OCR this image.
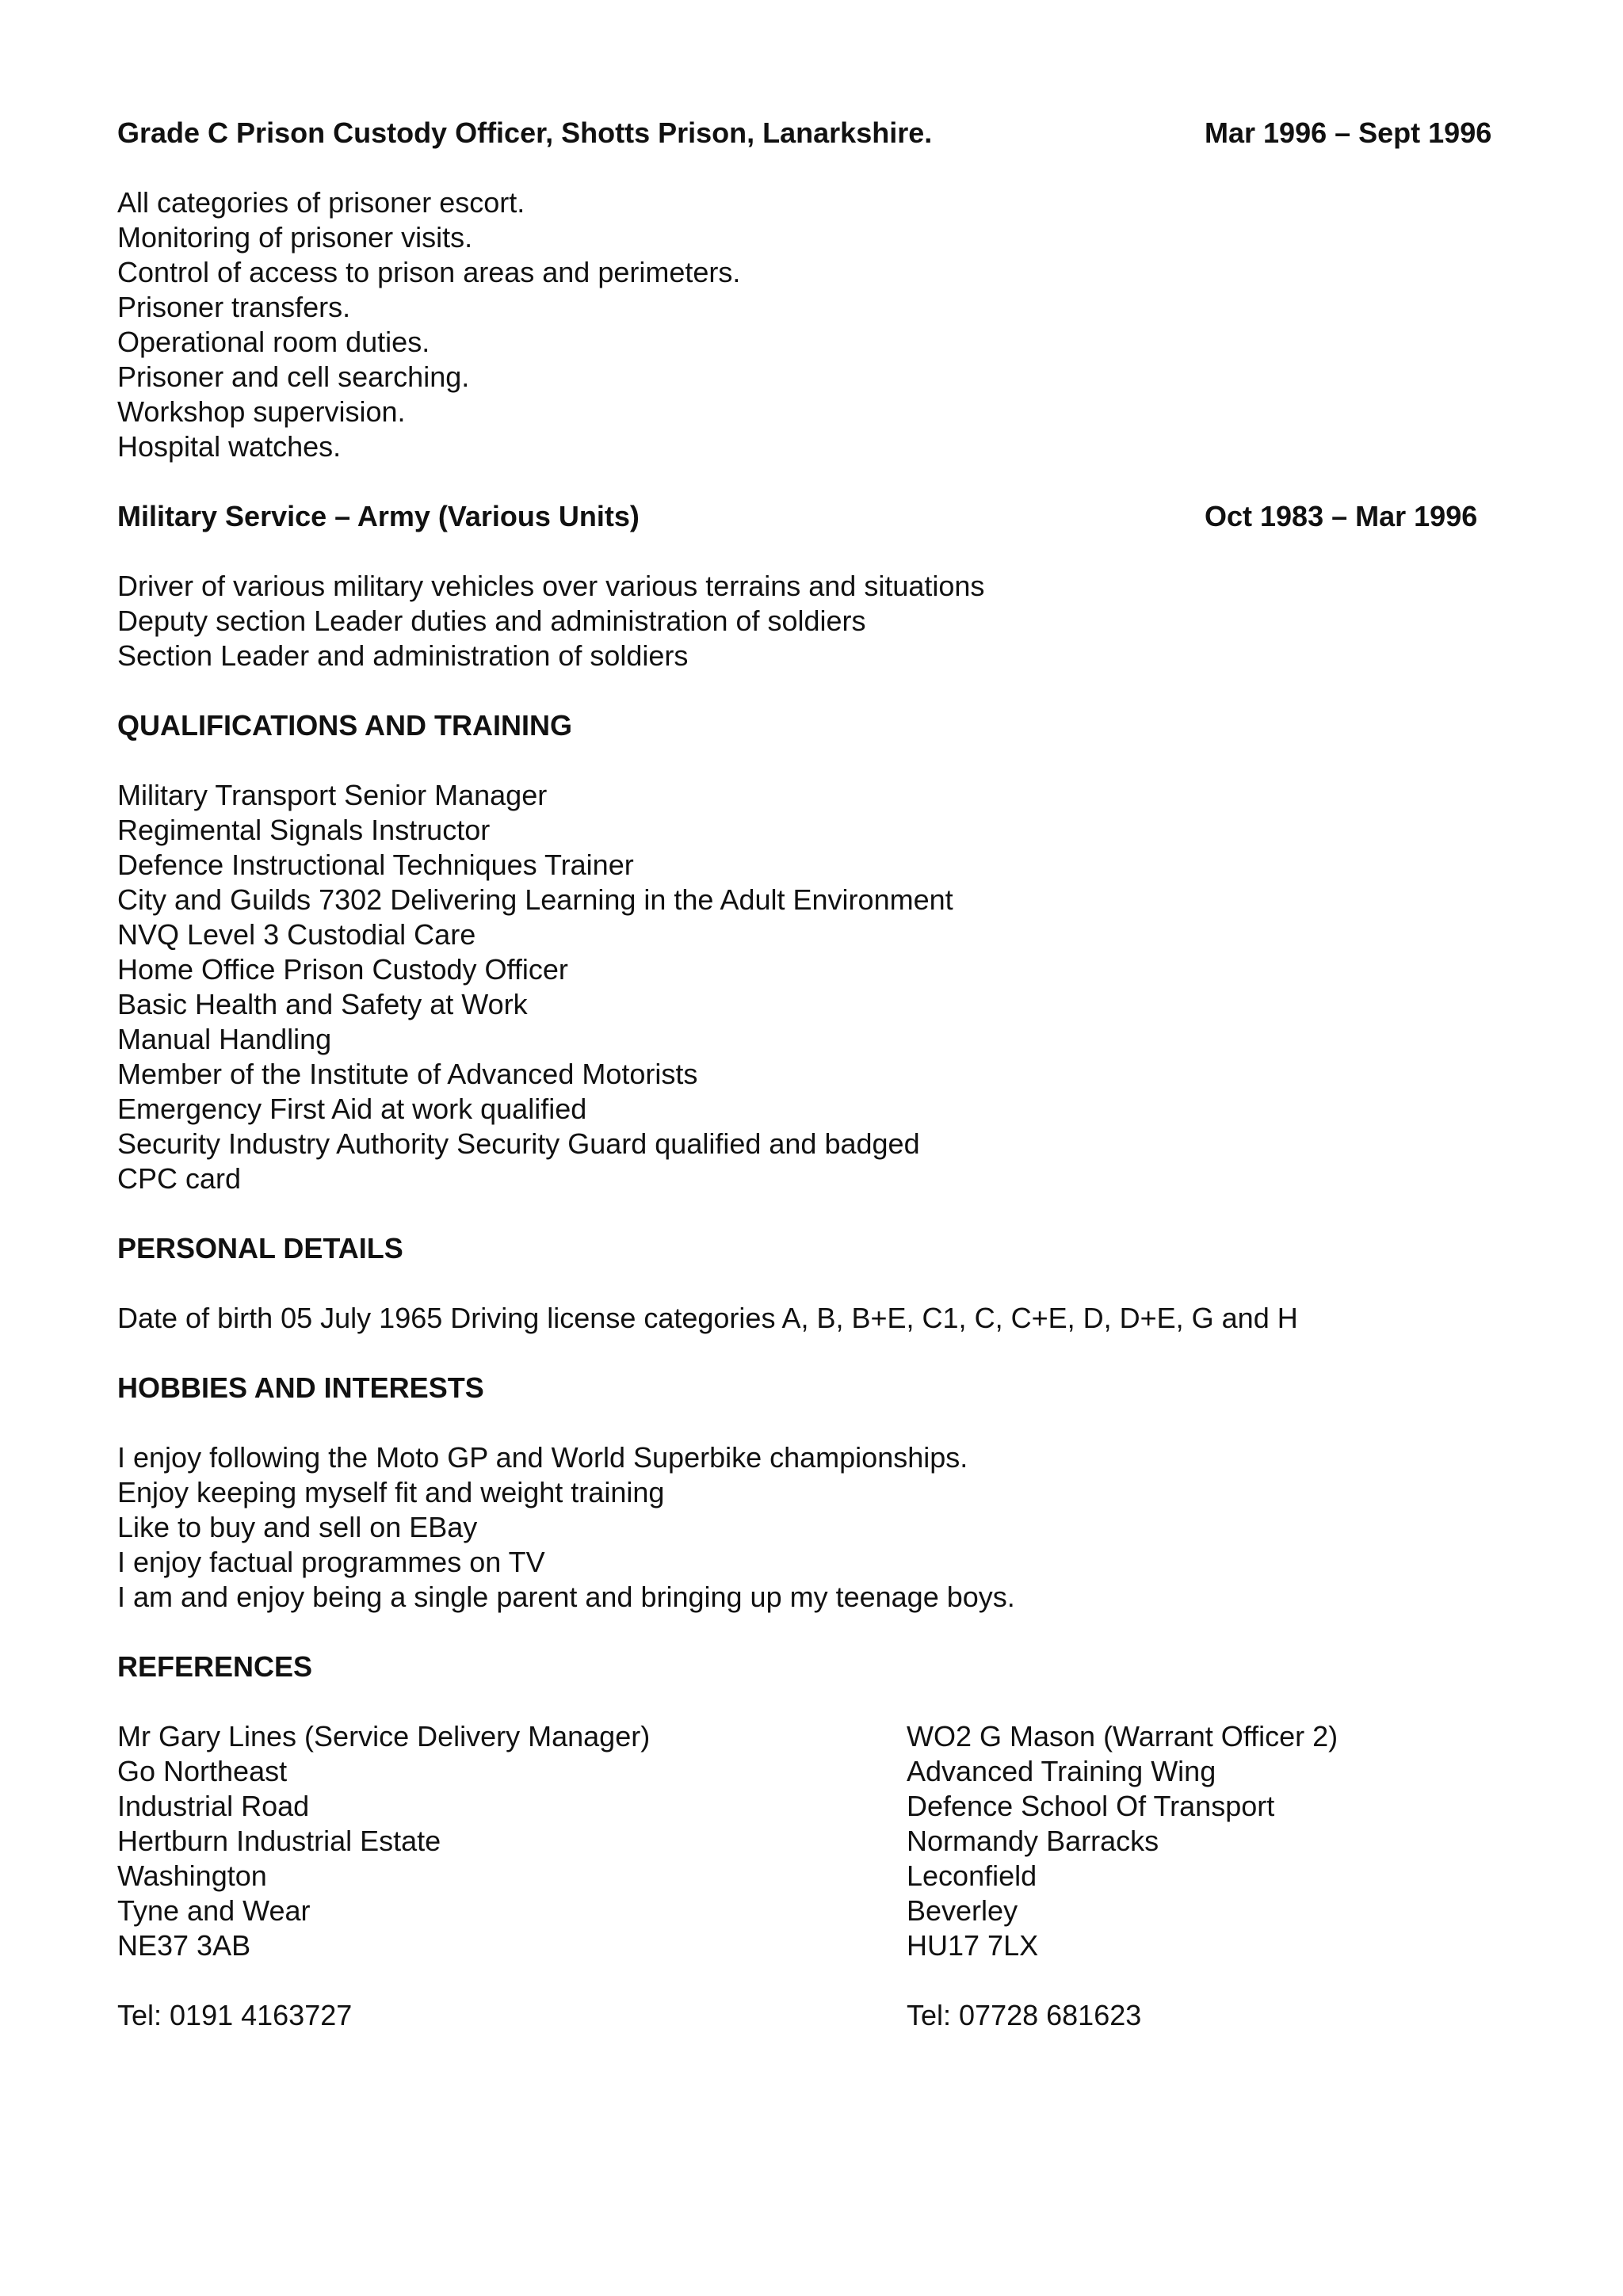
Grade C Prison Custody Officer, Shotts Prison, Lanarkshire.	Mar 1996 – Sept 1996
All categories of prisoner escort.
Monitoring of prisoner visits.
Control of access to prison areas and perimeters.
Prisoner transfers.
Operational room duties.
Prisoner and cell searching.
Workshop supervision.
Hospital watches.
Military Service – Army (Various Units)	Oct 1983 – Mar 1996
Driver of various military vehicles over various terrains and situations
Deputy section Leader duties and administration of soldiers
Section Leader and administration of soldiers
QUALIFICATIONS AND TRAINING
Military Transport Senior Manager
Regimental Signals Instructor
Defence Instructional Techniques Trainer
City and Guilds 7302 Delivering Learning in the Adult Environment
NVQ Level 3 Custodial Care
Home Office Prison Custody Officer
Basic Health and Safety at Work
Manual Handling
Member of the Institute of Advanced Motorists
Emergency First Aid at work qualified
Security Industry Authority Security Guard qualified and badged
CPC card
PERSONAL DETAILS
Date of birth 05 July 1965 Driving license categories A, B, B+E, C1, C, C+E, D, D+E, G and H
HOBBIES AND INTERESTS
I enjoy following the Moto GP and World Superbike championships.
Enjoy keeping myself fit and weight training
Like to buy and sell on EBay
I enjoy factual programmes on TV
I am and enjoy being a single parent and bringing up my teenage boys.
REFERENCES
Mr Gary Lines (Service Delivery Manager)
Go Northeast
Industrial Road
Hertburn Industrial Estate
Washington
Tyne and Wear
NE37 3AB
Tel: 0191 4163727
WO2 G Mason (Warrant Officer 2)
Advanced Training Wing
Defence School Of Transport
Normandy Barracks
Leconfield
Beverley
HU17 7LX
Tel: 07728 681623
